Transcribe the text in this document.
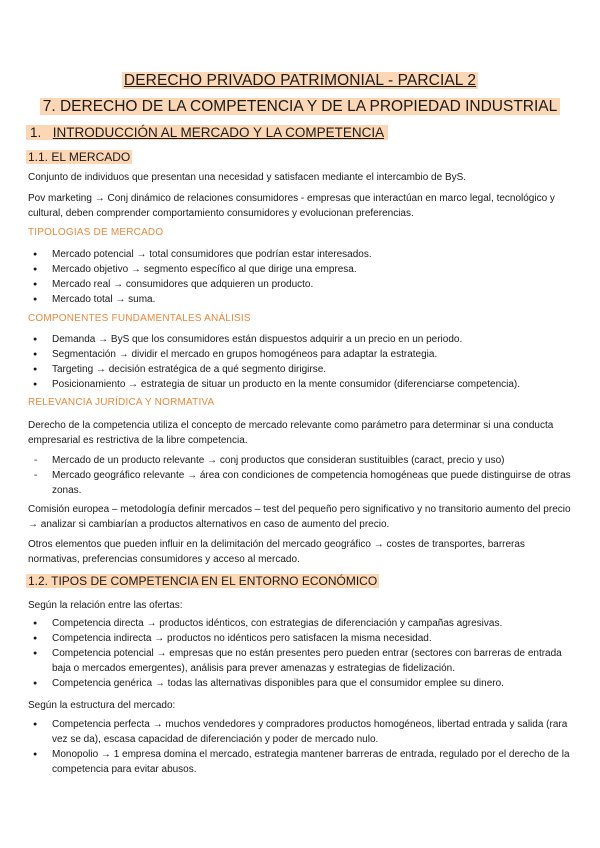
DERECHO PRIVADO PATRIMONIAL - PARCIAL 2
7. DERECHO DE LA COMPETENCIA Y DE LA PROPIEDAD INDUSTRIAL
1. INTRODUCCIÓN AL MERCADO Y LA COMPETENCIA
1.1. EL MERCADO
Conjunto de individuos que presentan una necesidad y satisfacen mediante el intercambio de ByS.
Pov marketing → Conj dinámico de relaciones consumidores - empresas que interactúan en marco legal, tecnológico y cultural, deben comprender comportamiento consumidores y evolucionan preferencias.
TIPOLOGIAS DE MERCADO
● Mercado potencial → total consumidores que podrían estar interesados.
● Mercado objetivo → segmento específico al que dirige una empresa.
● Mercado real → consumidores que adquieren un producto.
● Mercado total → suma.
COMPONENTES FUNDAMENTALES ANÁLISIS
● Demanda → ByS que los consumidores están dispuestos adquirir a un precio en un periodo.
● Segmentación → dividir el mercado en grupos homogéneos para adaptar la estrategia.
● Targeting → decisión estratégica de a qué segmento dirigirse.
● Posicionamiento → estrategia de situar un producto en la mente consumidor (diferenciarse competencia).
RELEVANCIA JURÍDICA Y NORMATIVA
Derecho de la competencia utiliza el concepto de mercado relevante como parámetro para determinar si una conducta empresarial es restrictiva de la libre competencia.
- Mercado de un producto relevante → conj productos que consideran sustituibles (caract, precio y uso)
- Mercado geográfico relevante → área con condiciones de competencia homogéneas que puede distinguirse de otras zonas.
Comisión europea – metodología definir mercados – test del pequeño pero significativo y no transitorio aumento del precio → analizar si cambiarían a productos alternativos en caso de aumento del precio.
Otros elementos que pueden influir en la delimitación del mercado geográfico → costes de transportes, barreras normativas, preferencias consumidores y acceso al mercado.
1.2. TIPOS DE COMPETENCIA EN EL ENTORNO ECONÓMICO
Según la relación entre las ofertas:
● Competencia directa → productos idénticos, con estrategias de diferenciación y campañas agresivas.
● Competencia indirecta → productos no idénticos pero satisfacen la misma necesidad.
● Competencia potencial → empresas que no están presentes pero pueden entrar (sectores con barreras de entrada baja o mercados emergentes), análisis para prever amenazas y estrategias de fidelización.
● Competencia genérica → todas las alternativas disponibles para que el consumidor emplee su dinero.
Según la estructura del mercado:
● Competencia perfecta → muchos vendedores y compradores productos homogéneos, libertad entrada y salida (rara vez se da), escasa capacidad de diferenciación y poder de mercado nulo.
● Monopolio → 1 empresa domina el mercado, estrategia mantener barreras de entrada, regulado por el derecho de la competencia para evitar abusos.
